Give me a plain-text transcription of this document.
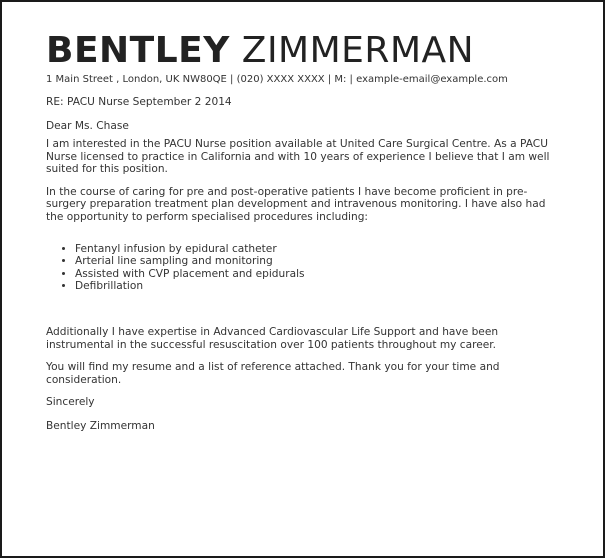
BENTLEY ZIMMERMAN
1 Main Street , London, UK NW80QE | (020) XXXX XXXX | M: | example-email@example.com

RE: PACU Nurse September 2 2014

Dear Ms. Chase

I am interested in the PACU Nurse position available at United Care Surgical Centre. As a PACU Nurse licensed to practice in California and with 10 years of experience I believe that I am well suited for this position.

In the course of caring for pre and post-operative patients I have become proficient in pre-surgery preparation treatment plan development and intravenous monitoring. I have also had the opportunity to perform specialised procedures including:

• Fentanyl infusion by epidural catheter
• Arterial line sampling and monitoring
• Assisted with CVP placement and epidurals
• Defibrillation

Additionally I have expertise in Advanced Cardiovascular Life Support and have been instrumental in the successful resuscitation over 100 patients throughout my career.

You will find my resume and a list of reference attached. Thank you for your time and consideration.

Sincerely

Bentley Zimmerman
